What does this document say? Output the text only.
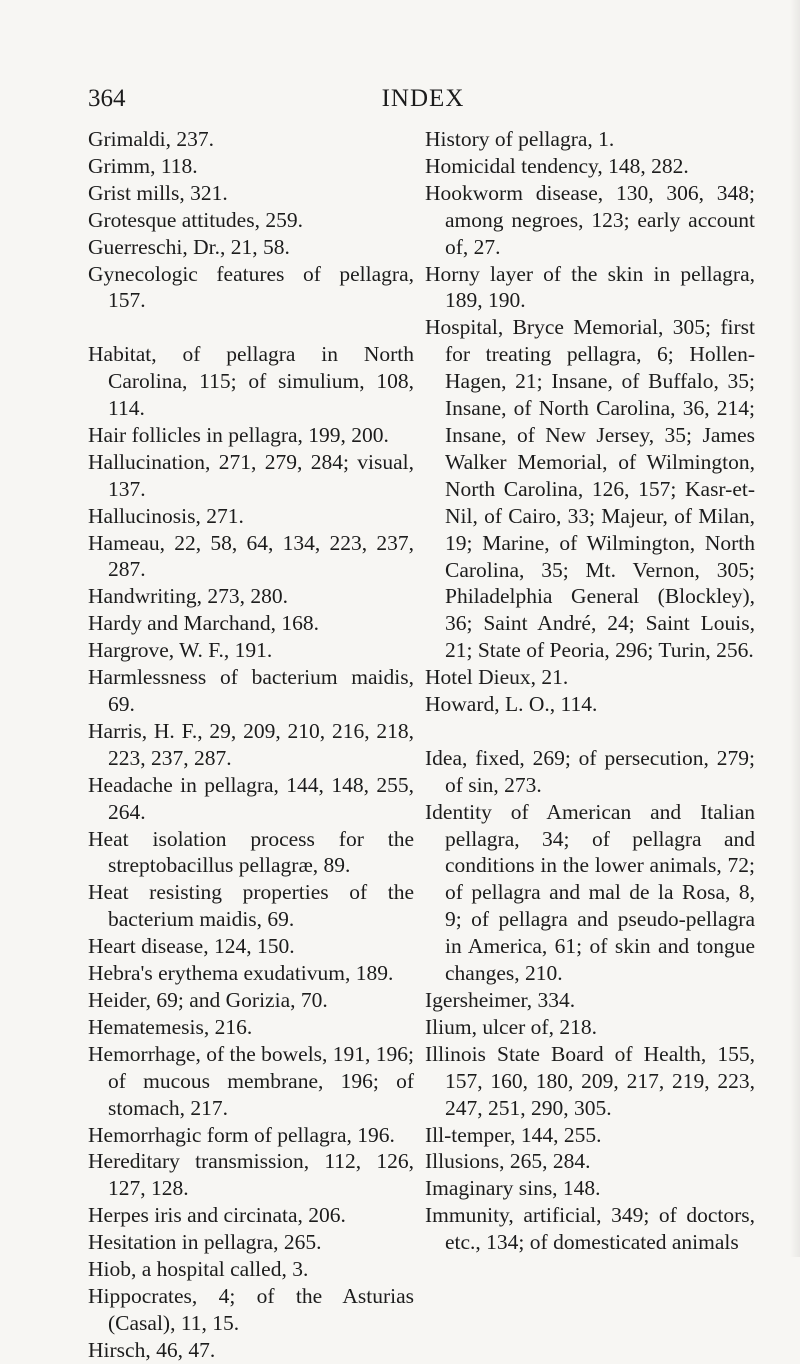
364	INDEX
Grimaldi, 237.
Grimm, 118.
Grist mills, 321.
Grotesque attitudes, 259.
Guerreschi, Dr., 21, 58.
Gynecologic features of pellagra, 157.
Habitat, of pellagra in North Carolina, 115; of simulium, 108, 114.
Hair follicles in pellagra, 199, 200.
Hallucination, 271, 279, 284; visual, 137.
Hallucinosis, 271.
Hameau, 22, 58, 64, 134, 223, 237, 287.
Handwriting, 273, 280.
Hardy and Marchand, 168.
Hargrove, W. F., 191.
Harmlessness of bacterium maidis, 69.
Harris, H. F., 29, 209, 210, 216, 218, 223, 237, 287.
Headache in pellagra, 144, 148, 255, 264.
Heat isolation process for the streptobacillus pellagræ, 89.
Heat resisting properties of the bacterium maidis, 69.
Heart disease, 124, 150.
Hebra's erythema exudativum, 189.
Heider, 69; and Gorizia, 70.
Hematemesis, 216.
Hemorrhage, of the bowels, 191, 196; of mucous membrane, 196; of stomach, 217.
Hemorrhagic form of pellagra, 196.
Hereditary transmission, 112, 126, 127, 128.
Herpes iris and circinata, 206.
Hesitation in pellagra, 265.
Hiob, a hospital called, 3.
Hippocrates, 4; of the Asturias (Casal), 11, 15.
Hirsch, 46, 47.
History of pellagra, 1.
Homicidal tendency, 148, 282.
Hookworm disease, 130, 306, 348; among negroes, 123; early account of, 27.
Horny layer of the skin in pellagra, 189, 190.
Hospital, Bryce Memorial, 305; first for treating pellagra, 6; Hollen-Hagen, 21; Insane, of Buffalo, 35; Insane, of North Carolina, 36, 214; Insane, of New Jersey, 35; James Walker Memorial, of Wilmington, North Carolina, 126, 157; Kasr-et-Nil, of Cairo, 33; Majeur, of Milan, 19; Marine, of Wilmington, North Carolina, 35; Mt. Vernon, 305; Philadelphia General (Blockley), 36; Saint André, 24; Saint Louis, 21; State of Peoria, 296; Turin, 256.
Hotel Dieux, 21.
Howard, L. O., 114.
Idea, fixed, 269; of persecution, 279; of sin, 273.
Identity of American and Italian pellagra, 34; of pellagra and conditions in the lower animals, 72; of pellagra and mal de la Rosa, 8, 9; of pellagra and pseudo-pellagra in America, 61; of skin and tongue changes, 210.
Igersheimer, 334.
Ilium, ulcer of, 218.
Illinois State Board of Health, 155, 157, 160, 180, 209, 217, 219, 223, 247, 251, 290, 305.
Ill-temper, 144, 255.
Illusions, 265, 284.
Imaginary sins, 148.
Immunity, artificial, 349; of doctors, etc., 134; of domesticated animals
